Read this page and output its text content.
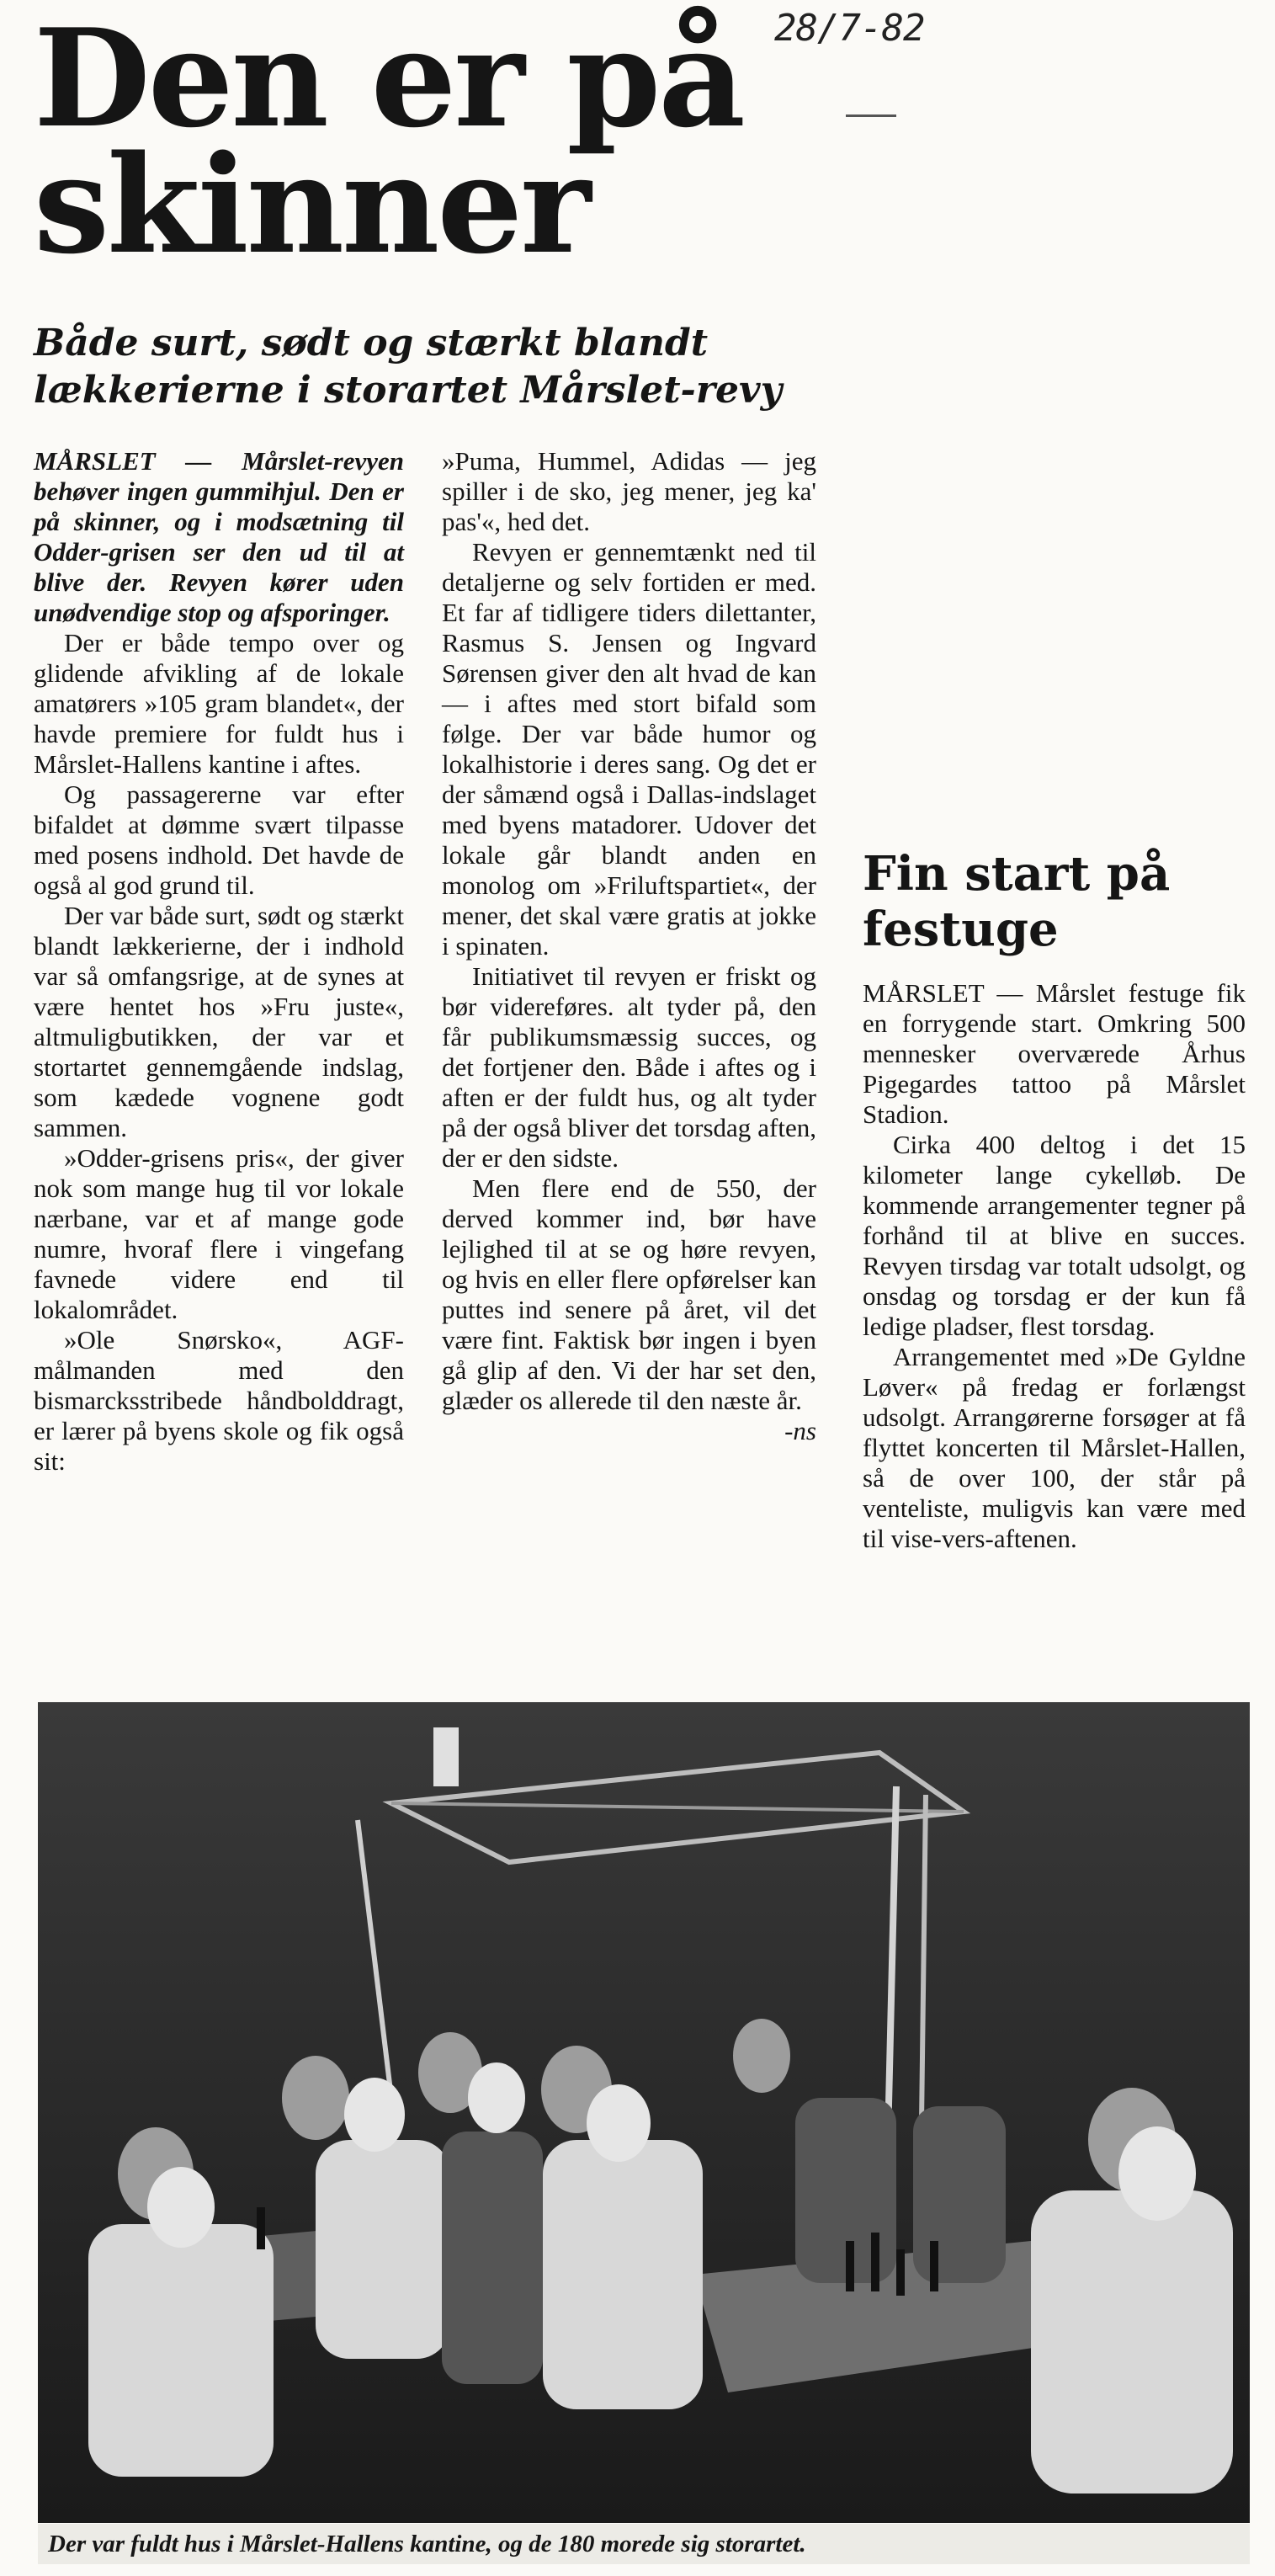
28/7-82
Den er på skinner
Både surt, sødt og stærkt blandt lækkerierne i storartet Mårslet-revy

MÅRSLET — Mårslet-revyen behøver ingen gummihjul. Den er på skinner, og i modsætning til Odder-grisen ser den ud til at blive der. Revyen kører uden unødvendige stop og afsporinger.

Der er både tempo over og glidende afvikling af de lokale amatørers »105 gram blandet«, der havde premiere for fuldt hus i Mårslet-Hallens kantine i aftes.

Og passagererne var efter bifaldet at dømme svært tilpasse med posens indhold. Det havde de også al god grund til.

Der var både surt, sødt og stærkt blandt lækkerierne, der i indhold var så omfangsrige, at de synes at være hentet hos »Fru juste«, altmuligbutikken, der var et stortartet gennemgående indslag, som kædede vognene godt sammen.

»Odder-grisens pris«, der giver nok som mange hug til vor lokale nærbane, var et af mange gode numre, hvoraf flere i vingefang favnede videre end til lokalområdet.

»Ole Snørsko«, AGF-målmanden med den bismarcksstribede håndbolddragt, er lærer på byens skole og fik også sit:

»Puma, Hummel, Adidas — jeg spiller i de sko, jeg mener, jeg ka' pas'«, hed det.

Revyen er gennemtænkt ned til detaljerne og selv fortiden er med. Et far af tidligere tiders dilettanter, Rasmus S. Jensen og Ingvard Sørensen giver den alt hvad de kan — i aftes med stort bifald som følge. Der var både humor og lokalhistorie i deres sang. Og det er der såmænd også i Dallas-indslaget med byens matadorer. Udover det lokale går blandt anden en monolog om »Friluftspartiet«, der mener, det skal være gratis at jokke i spinaten.

Initiativet til revyen er friskt og bør videreføres. alt tyder på, den får publikumsmæssig succes, og det fortjener den. Både i aftes og i aften er der fuldt hus, og alt tyder på der også bliver det torsdag aften, der er den sidste.

Men flere end de 550, der derved kommer ind, bør have lejlighed til at se og høre revyen, og hvis en eller flere opførelser kan puttes ind senere på året, vil det være fint. Faktisk bør ingen i byen gå glip af den. Vi der har set den, glæder os allerede til den næste år.

-ns

Fin start på festuge

MÅRSLET — Mårslet festuge fik en forrygende start. Omkring 500 mennesker overværede Århus Pigegardes tattoo på Mårslet Stadion.

Cirka 400 deltog i det 15 kilometer lange cykelløb. De kommende arrangementer tegner på forhånd til at blive en succes. Revyen tirsdag var totalt udsolgt, og onsdag og torsdag er der kun få ledige pladser, flest torsdag.

Arrangementet med »De Gyldne Løver« på fredag er forlængst udsolgt. Arrangørerne forsøger at få flyttet koncerten til Mårslet-Hallen, så de over 100, der står på venteliste, muligvis kan være med til vise-vers-aftenen.

Der var fuldt hus i Mårslet-Hallens kantine, og de 180 morede sig storartet.
